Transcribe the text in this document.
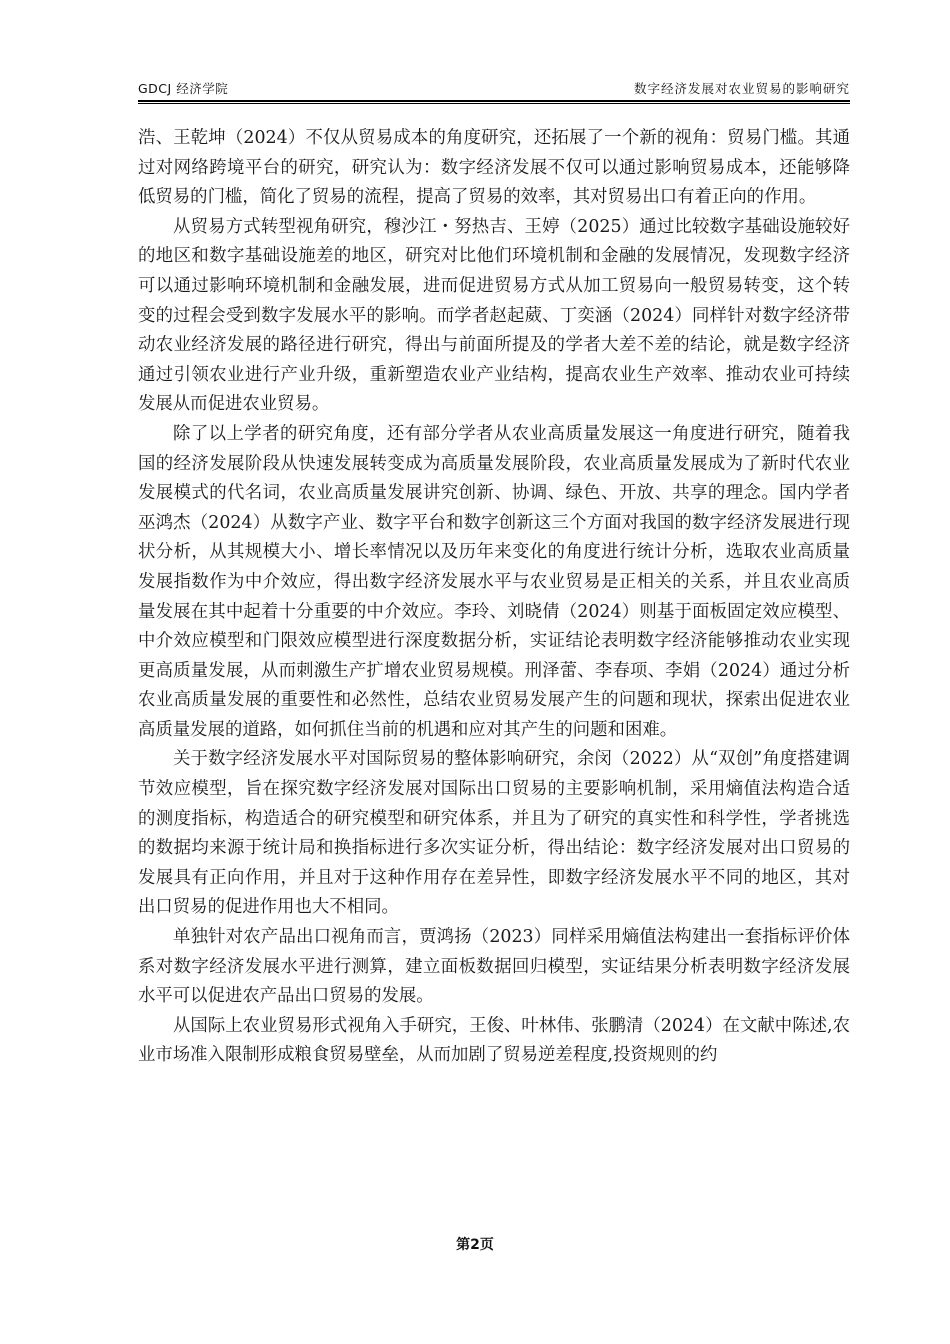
GDCJ 经济学院	数字经济发展对农业贸易的影响研究

浩、王乾坤（2024）不仅从贸易成本的角度研究，还拓展了一个新的视角：贸易门槛。其通过对网络跨境平台的研究，研究认为：数字经济发展不仅可以通过影响贸易成本，还能够降低贸易的门槛，简化了贸易的流程，提高了贸易的效率，其对贸易出口有着正向的作用。

从贸易方式转型视角研究，穆沙江・努热吉、王婷（2025）通过比较数字基础设施较好的地区和数字基础设施差的地区，研究对比他们环境机制和金融的发展情况，发现数字经济可以通过影响环境机制和金融发展，进而促进贸易方式从加工贸易向一般贸易转变，这个转变的过程会受到数字发展水平的影响。而学者赵起葳、丁奕涵（2024）同样针对数字经济带动农业经济发展的路径进行研究，得出与前面所提及的学者大差不差的结论，就是数字经济通过引领农业进行产业升级，重新塑造农业产业结构，提高农业生产效率、推动农业可持续发展从而促进农业贸易。

除了以上学者的研究角度，还有部分学者从农业高质量发展这一角度进行研究，随着我国的经济发展阶段从快速发展转变成为高质量发展阶段，农业高质量发展成为了新时代农业发展模式的代名词，农业高质量发展讲究创新、协调、绿色、开放、共享的理念。国内学者巫鸿杰（2024）从数字产业、数字平台和数字创新这三个方面对我国的数字经济发展进行现状分析，从其规模大小、增长率情况以及历年来变化的角度进行统计分析，选取农业高质量发展指数作为中介效应，得出数字经济发展水平与农业贸易是正相关的关系，并且农业高质量发展在其中起着十分重要的中介效应。李玲、刘晓倩（2024）则基于面板固定效应模型、中介效应模型和门限效应模型进行深度数据分析，实证结论表明数字经济能够推动农业实现更高质量发展，从而刺激生产扩增农业贸易规模。刑泽蕾、李春项、李娟（2024）通过分析农业高质量发展的重要性和必然性，总结农业贸易发展产生的问题和现状，探索出促进农业高质量发展的道路，如何抓住当前的机遇和应对其产生的问题和困难。

关于数字经济发展水平对国际贸易的整体影响研究，余闵（2022）从“双创”角度搭建调节效应模型，旨在探究数字经济发展对国际出口贸易的主要影响机制，采用熵值法构造合适的测度指标，构造适合的研究模型和研究体系，并且为了研究的真实性和科学性，学者挑选的数据均来源于统计局和换指标进行多次实证分析，得出结论：数字经济发展对出口贸易的发展具有正向作用，并且对于这种作用存在差异性，即数字经济发展水平不同的地区，其对出口贸易的促进作用也大不相同。

单独针对农产品出口视角而言，贾鸿扬（2023）同样采用熵值法构建出一套指标评价体系对数字经济发展水平进行测算，建立面板数据回归模型，实证结果分析表明数字经济发展水平可以促进农产品出口贸易的发展。

从国际上农业贸易形式视角入手研究，王俊、叶林伟、张鹏清（2024）在文献中陈述,农业市场准入限制形成粮食贸易壁垒，从而加剧了贸易逆差程度,投资规则的约

第2页
